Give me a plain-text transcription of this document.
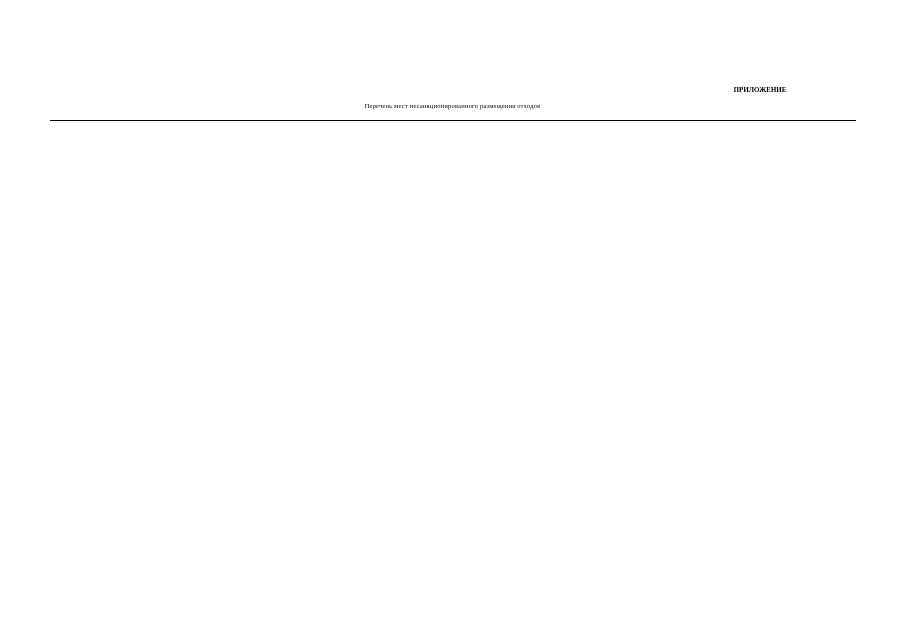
ПРИЛОЖЕНИЕ
Перечень мест несанкционированного размещения отходов
